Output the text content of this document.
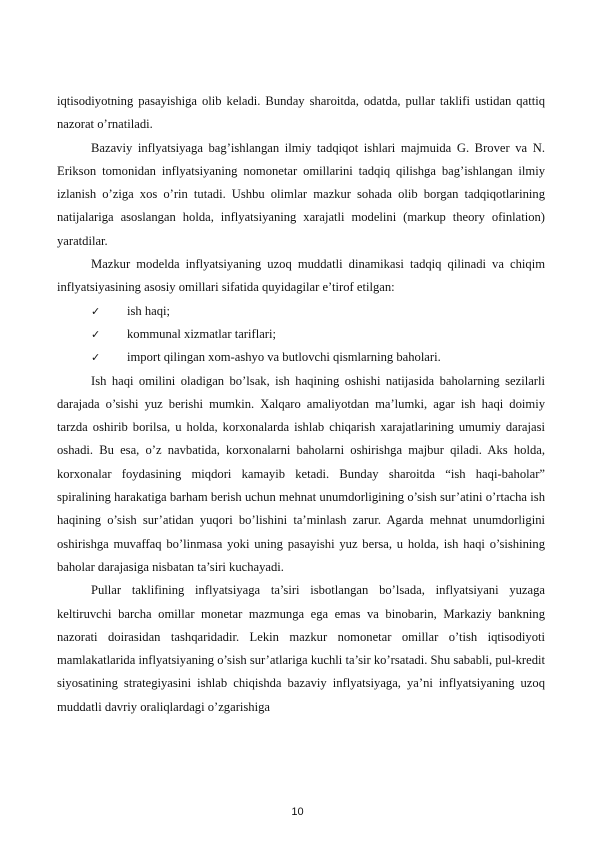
iqtisodiyotning pasayishiga olib keladi. Bunday sharoitda, odatda, pullar taklifi ustidan qattiq nazorat o’rnatiladi.

Bazaviy inflyatsiyaga bag’ishlangan ilmiy tadqiqot ishlari majmuida G. Brover va N. Erikson tomonidan inflyatsiyaning nomonetar omillarini tadqiq qilishga bag’ishlangan ilmiy izlanish o’ziga xos o’rin tutadi. Ushbu olimlar mazkur sohada olib borgan tadqiqotlarining natijalariga asoslangan holda, inflyatsiyaning xarajatli modelini (markup theory ofinlation) yaratdilar.

Mazkur modelda inflyatsiyaning uzoq muddatli dinamikasi tadqiq qilinadi va chiqim inflyatsiyasining asosiy omillari sifatida quyidagilar e’tirof etilgan:

✓ ish haqi;
✓ kommunal xizmatlar tariflari;
✓ import qilingan xom-ashyo va butlovchi qismlarning baholari.

Ish haqi omilini oladigan bo’lsak, ish haqining oshishi natijasida baholarning sezilarli darajada o’sishi yuz berishi mumkin. Xalqaro amaliyotdan ma’lumki, agar ish haqi doimiy tarzda oshirib borilsa, u holda, korxonalarda ishlab chiqarish xarajatlarining umumiy darajasi oshadi. Bu esa, o’z navbatida, korxonalarni baholarni oshirishga majbur qiladi. Aks holda, korxonalar foydasining miqdori kamayib ketadi. Bunday sharoitda “ish haqi-baholar” spiralining harakatiga barham berish uchun mehnat unumdorligining o’sish sur’atini o’rtacha ish haqining o’sish sur’atidan yuqori bo’lishini ta’minlash zarur. Agarda mehnat unumdorligini oshirishga muvaffaq bo’linmasa yoki uning pasayishi yuz bersa, u holda, ish haqi o’sishining baholar darajasiga nisbatan ta’siri kuchayadi.

Pullar taklifining inflyatsiyaga ta’siri isbotlangan bo’lsada, inflyatsiyani yuzaga keltiruvchi barcha omillar monetar mazmunga ega emas va binobarin, Markaziy bankning nazorati doirasidan tashqaridadir. Lekin mazkur nomonetar omillar o’tish iqtisodiyoti mamlakatlarida inflyatsiyaning o’sish sur’atlariga kuchli ta’sir ko’rsatadi. Shu sababli, pul-kredit siyosatining strategiyasini ishlab chiqishda bazaviy inflyatsiyaga, ya’ni inflyatsiyaning uzoq muddatli davriy oraliqlardagi o’zgarishiga

10
